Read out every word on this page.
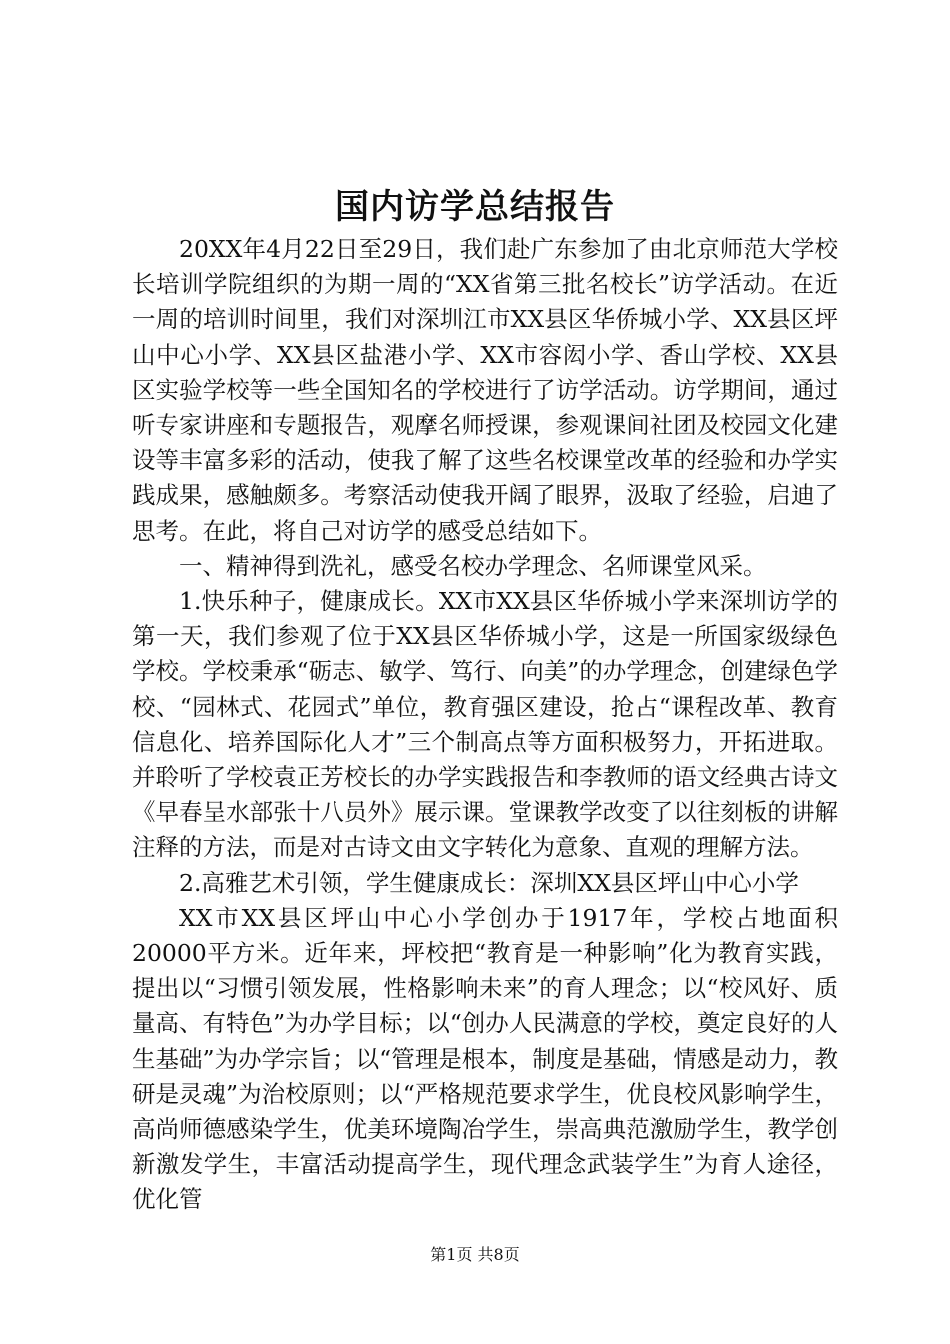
国内访学总结报告

20XX年4月22日至29日，我们赴广东参加了由北京师范大学校长培训学院组织的为期一周的“XX省第三批名校长”访学活动。在近一周的培训时间里，我们对深圳江市XX县区华侨城小学、XX县区坪山中心小学、XX县区盐港小学、XX市容闳小学、香山学校、XX县区实验学校等一些全国知名的学校进行了访学活动。访学期间，通过听专家讲座和专题报告，观摩名师授课，参观课间社团及校园文化建设等丰富多彩的活动，使我了解了这些名校课堂改革的经验和办学实践成果，感触颇多。考察活动使我开阔了眼界，汲取了经验，启迪了思考。在此，将自己对访学的感受总结如下。

一、精神得到洗礼，感受名校办学理念、名师课堂风采。

1.快乐种子，健康成长。XX市XX县区华侨城小学来深圳访学的第一天，我们参观了位于XX县区华侨城小学，这是一所国家级绿色学校。学校秉承“砺志、敏学、笃行、向美”的办学理念，创建绿色学校、“园林式、花园式”单位，教育强区建设，抢占“课程改革、教育信息化、培养国际化人才”三个制高点等方面积极努力，开拓进取。并聆听了学校袁正芳校长的办学实践报告和李教师的语文经典古诗文《早春呈水部张十八员外》展示课。堂课教学改变了以往刻板的讲解注释的方法，而是对古诗文由文字转化为意象、直观的理解方法。

2.高雅艺术引领，学生健康成长：深圳XX县区坪山中心小学

XX市XX县区坪山中心小学创办于1917年，学校占地面积20000平方米。近年来，坪校把“教育是一种影响”化为教育实践，提出以“习惯引领发展，性格影响未来”的育人理念；以“校风好、质量高、有特色”为办学目标；以“创办人民满意的学校，奠定良好的人生基础”为办学宗旨；以“管理是根本，制度是基础，情感是动力，教研是灵魂”为治校原则；以“严格规范要求学生，优良校风影响学生，高尚师德感染学生，优美环境陶冶学生，崇高典范激励学生，教学创新激发学生，丰富活动提高学生，现代理念武装学生”为育人途径，优化管

第1页 共8页
